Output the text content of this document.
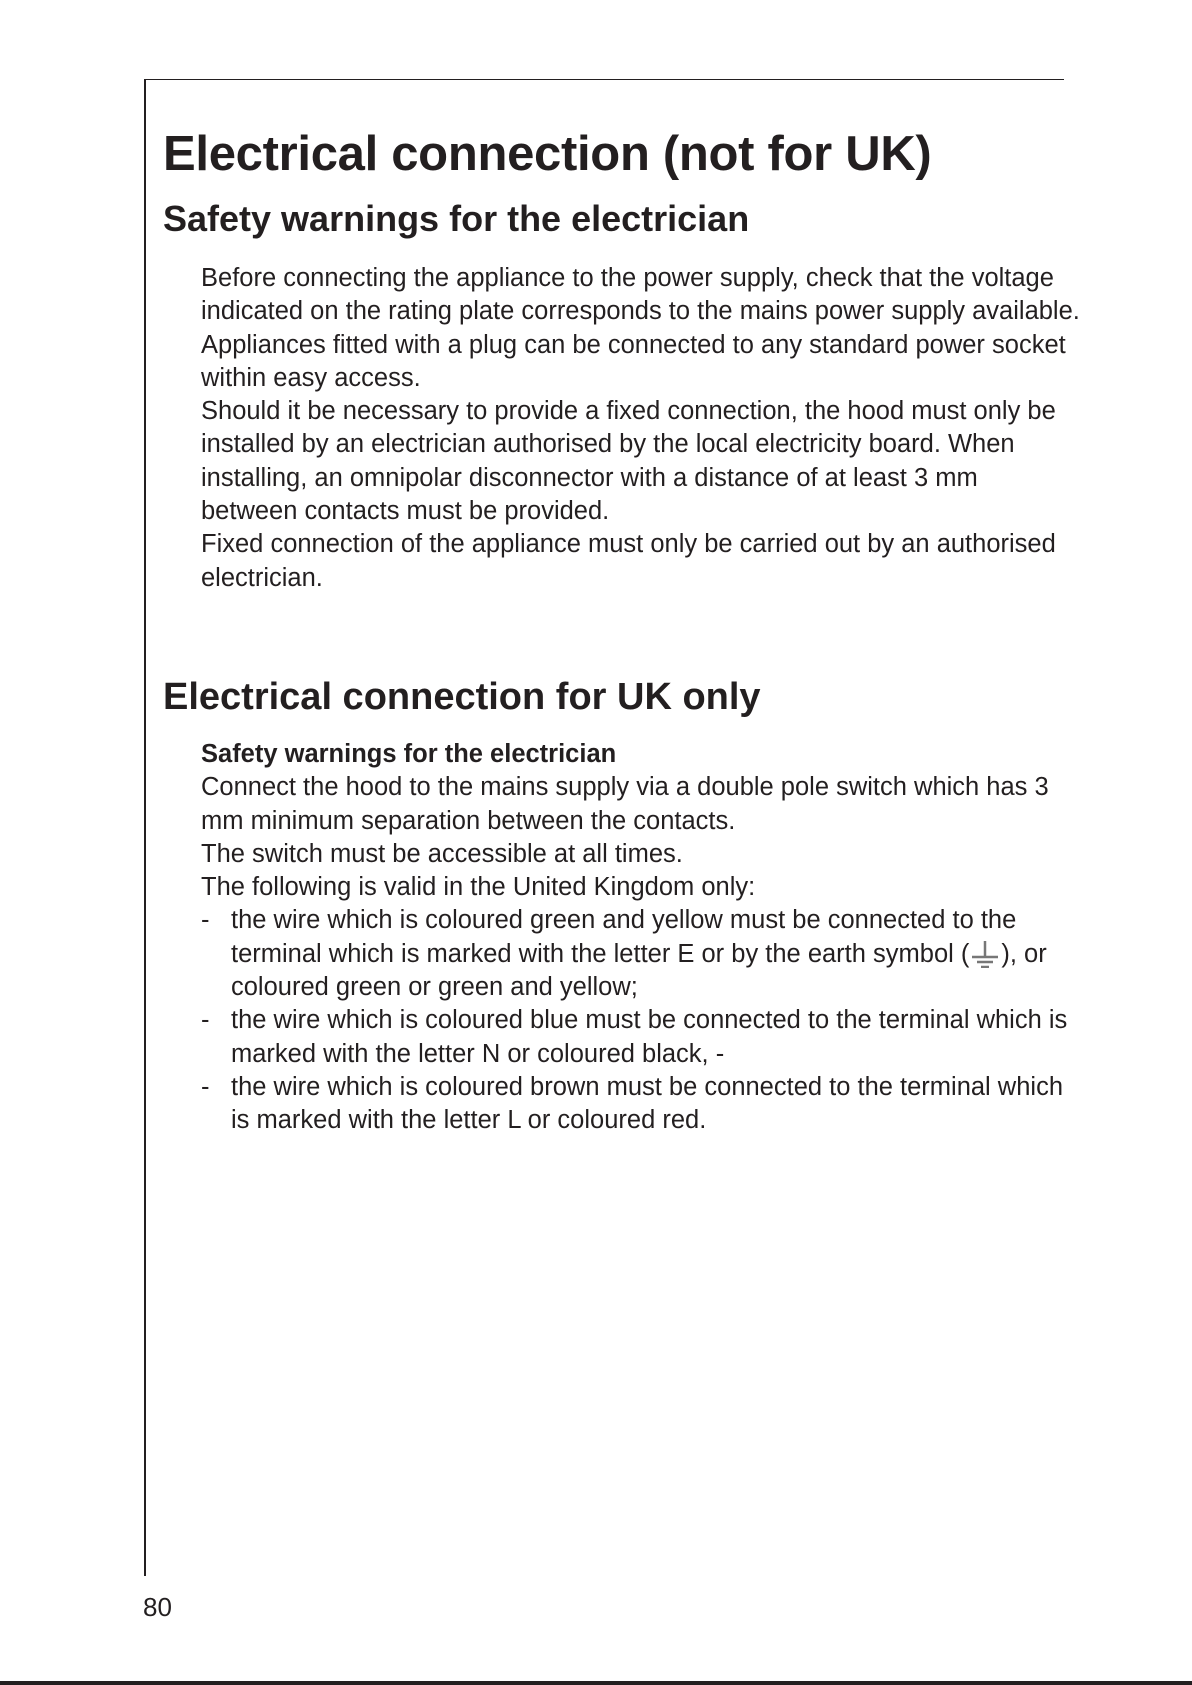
Electrical connection (not for UK)
Safety warnings for the electrician

Before connecting the appliance to the power supply, check that the voltage indicated on the rating plate corresponds to the mains power supply available. Appliances fitted with a plug can be connected to any standard power socket within easy access.

Should it be necessary to provide a fixed connection, the hood must only be installed by an electrician authorised by the local electricity board. When installing, an omnipolar disconnector with a distance of at least 3 mm between contacts must be provided.

Fixed connection of the appliance must only be carried out by an authorised electrician.

Electrical connection for UK only

Safety warnings for the electrician

Connect the hood to the mains supply via a double pole switch which has 3 mm minimum separation between the contacts.

The switch must be accessible at all times.

The following is valid in the United Kingdom only:

- the wire which is coloured green and yellow must be connected to the terminal which is marked with the letter E or by the earth symbol ( ), or coloured green or green and yellow;
- the wire which is coloured blue must be connected to the terminal which is marked with the letter N or coloured black, -
- the wire which is coloured brown must be connected to the terminal which is marked with the letter L or coloured red.
80
